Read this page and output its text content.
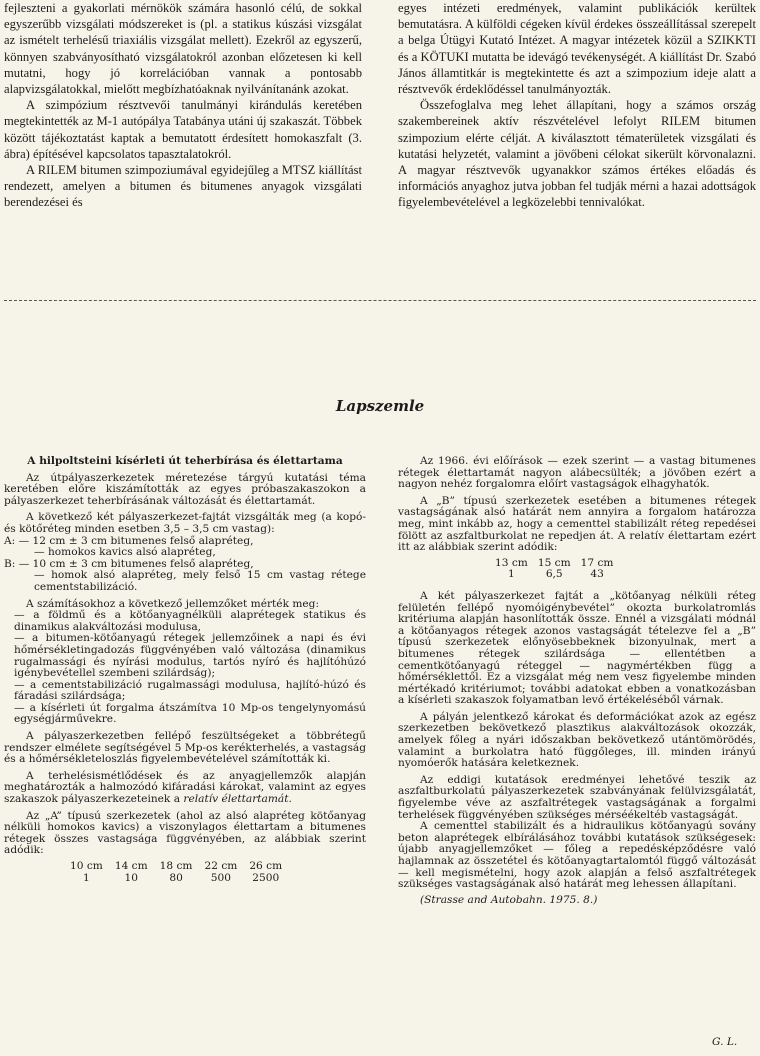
fejleszteni a gyakorlati mérnökök számára hasonló célú, de sokkal egyszerűbb vizsgálati módszereket is (pl. a statikus kúszási vizsgálat az ismételt terhelésű triaxiális vizsgálat mellett). Ezekről az egyszerű, könnyen szabványosítható vizsgálatokról azonban előzetesen ki kell mutatni, hogy jó korrelációban vannak a pontosabb alapvizsgálatokkal, mielőtt megbízhatóaknak nyilvánítanánk azokat.

A szimpózium résztvevői tanulmányi kirándulás keretében megtekintették az M-1 autópálya Tatabánya utáni új szakaszát. Többek között tájékoztatást kaptak a bemutatott érdesített homokaszfalt (3. ábra) építésével kapcsolatos tapasztalatokról.

A RILEM bitumen szimpoziumával egyidejűleg a MTSZ kiállítást rendezett, amelyen a bitumen és bitumenes anyagok vizsgálati berendezései és

egyes intézeti eredmények, valamint publikációk kerültek bemutatásra. A külföldi cégeken kívül érdekes összeállítással szerepelt a belga Útügyi Kutató Intézet. A magyar intézetek közül a SZIKKTI és a KÖTUKI mutatta be idevágó tevékenységét. A kiállítást Dr. Szabó János államtitkár is megtekintette és azt a szimpozium ideje alatt a résztvevők érdeklődéssel tanulmányozták.

Összefoglalva meg lehet állapítani, hogy a számos ország szakembereinek aktív részvételével lefolyt RILEM bitumen szimpozium elérte célját. A kiválasztott tématerületek vizsgálati és kutatási helyzetét, valamint a jövőbeni célokat sikerült körvonalazni. A magyar résztvevők ugyanakkor számos értékes előadás és információs anyaghoz jutva jobban fel tudják mérni a hazai adottságok figyelembevételével a legközelebbi tennivalókat.

Lapszemle

A hilpoltsteini kísérleti út teherbírása és élettartama

Az útpályaszerkezetek méretezése tárgyú kutatási téma keretében előre kiszámították az egyes próbaszakaszokon a pályaszerkezet teherbírásának változását és élettartamát.

A következő két pályaszerkezet-fajtát vizsgálták meg (a kopó- és kötőréteg minden esetben 3,5 – 3,5 cm vastag):

A: — 12 cm ± 3 cm bitumenes felső alapréteg,

— homokos kavics alsó alapréteg,

B: — 10 cm ± 3 cm bitumenes felső alapréteg,

— homok alsó alapréteg, mely felső 15 cm vastag rétege cementstabilizáció.

A számításokhoz a következő jellemzőket mérték meg:

— a földmű és a kötőanyagnélküli alaprétegek statikus és dinamikus alakváltozási modulusa,

— a bitumen-kötőanyagú rétegek jellemzőinek a napi és évi hőmérsékletingadozás függvényében való változása (dinamikus rugalmassági és nyírási modulus, tartós nyíró és hajlítóhúzó igénybevétellel szembeni szilárdság);

— a cementstabilizáció rugalmassági modulusa, hajlító-húzó és fáradási szilárdsága;

— a kísérleti út forgalma átszámítva 10 Mp-os tengelynyomású egységjárművekre.

A pályaszerkezetben fellépő feszültségeket a többrétegű rendszer elmélete segítségével 5 Mp-os kerékterhelés, a vastagság és a hőmérsékleteloszlás figyelembevételével számították ki.

A terhelésismétlődések és az anyagjellemzők alapján meghatározták a halmozódó kifáradási károkat, valamint az egyes szakaszok pályaszerkezeteinek a relatív élettartamát.

Az „A” típusú szerkezetek (ahol az alsó alapréteg kötőanyag nélküli homokos kavics) a viszonylagos élettartam a bitumenes rétegek összes vastagsága függvényében, az alábbiak szerint adódik:

10 cm	14 cm	18 cm	22 cm	26 cm
1	10	80	500	2500

Az 1966. évi előírások — ezek szerint — a vastag bitumenes rétegek élettartamát nagyon alábecsülték; a jövőben ezért a nagyon nehéz forgalomra előírt vastagságok elhagyhatók.

A „B” típusú szerkezetek esetében a bitumenes rétegek vastagságának alsó határát nem annyira a forgalom határozza meg, mint inkább az, hogy a cementtel stabilizált réteg repedései fölött az aszfaltburkolat ne repedjen át. A relatív élettartam ezért itt az alábbiak szerint adódik:

13 cm	15 cm	17 cm
1	6,5	43

A két pályaszerkezet fajtát a „kötőanyag nélküli réteg felületén fellépő nyomóigénybevétel” okozta burkolatromlás kritériuma alapján hasonlították össze. Ennél a vizsgálati módnál a kötőanyagos rétegek azonos vastagságát tételezve fel a „B” típusú szerkezetek előnyösebbeknek bizonyulnak, mert a bitumenes rétegek szilárdsága — ellentétben a cementkötőanyagú réteggel — nagymértékben függ a hőmérséklettől. Ez a vizsgálat még nem vesz figyelembe minden mértékadó kritériumot; további adatokat ebben a vonatkozásban a kísérleti szakaszok folyamatban levő értékeléséből várnak.

A pályán jelentkező károkat és deformációkat azok az egész szerkezetben bekövetkező plasztikus alakváltozások okozzák, amelyek főleg a nyári időszakban bekövetkező utántömörödés, valamint a burkolatra ható függőleges, ill. minden irányú nyomóerők hatására keletkeznek.

Az eddigi kutatások eredményei lehetővé teszik az aszfaltburkolatú pályaszerkezetek szabványának felülvizsgálatát, figyelembe véve az aszfaltrétegek vastagságának a forgalmi terhelések függvényében szükséges mérséékeltéb vastagságát.

A cementtel stabilizált és a hidraulikus kötőanyagú sovány beton alaprétegek elbírálásához további kutatások szükségesek: újabb anyagjellemzőket — főleg a repedésképződésre való hajlamnak az összetétel és kötőanyagtartalomtól függő változását — kell megismételni, hogy azok alapján a felső aszfaltrétegek szükséges vastagságának alsó határát meg lehessen állapítani.

(Strasse and Autobahn. 1975. 8.)

G. L.
